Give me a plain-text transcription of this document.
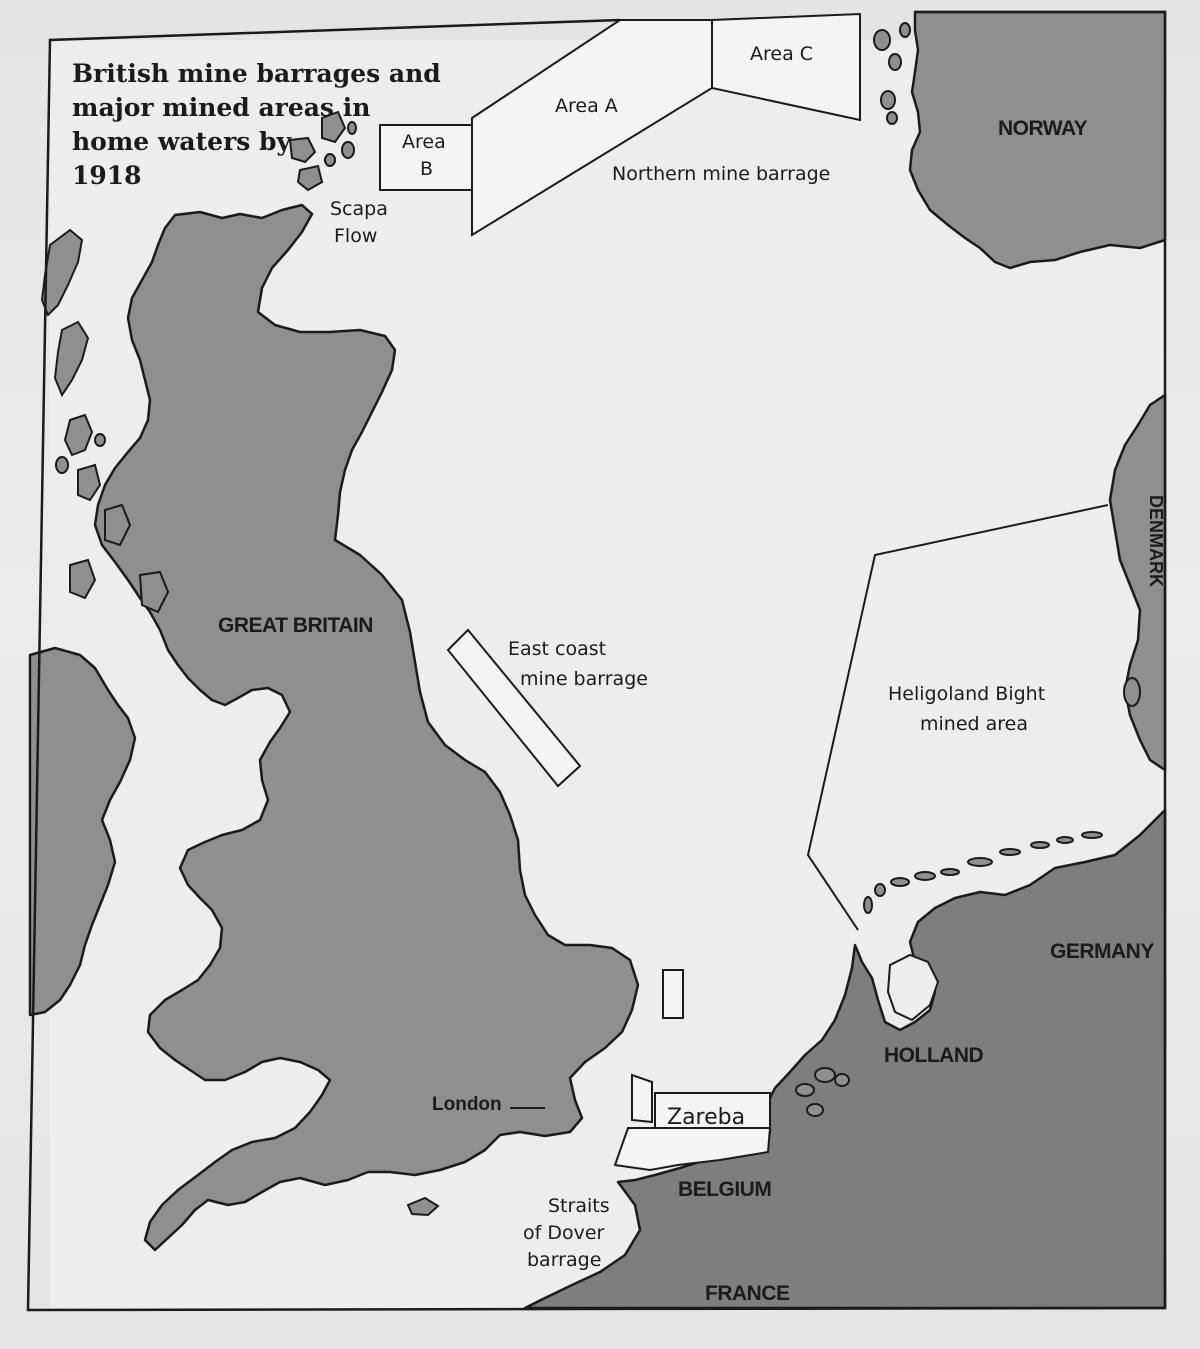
British mine barrages and
major mined areas in
home waters by
1918
Scapa
Flow
Area
B
Area A
Area C
Northern mine barrage
NORWAY
DENMARK
GREAT BRITAIN
East coast
mine barrage
Heligoland Bight
mined area
GERMANY
HOLLAND
BELGIUM
FRANCE
London
Zareba
Straits
of Dover
barrage
